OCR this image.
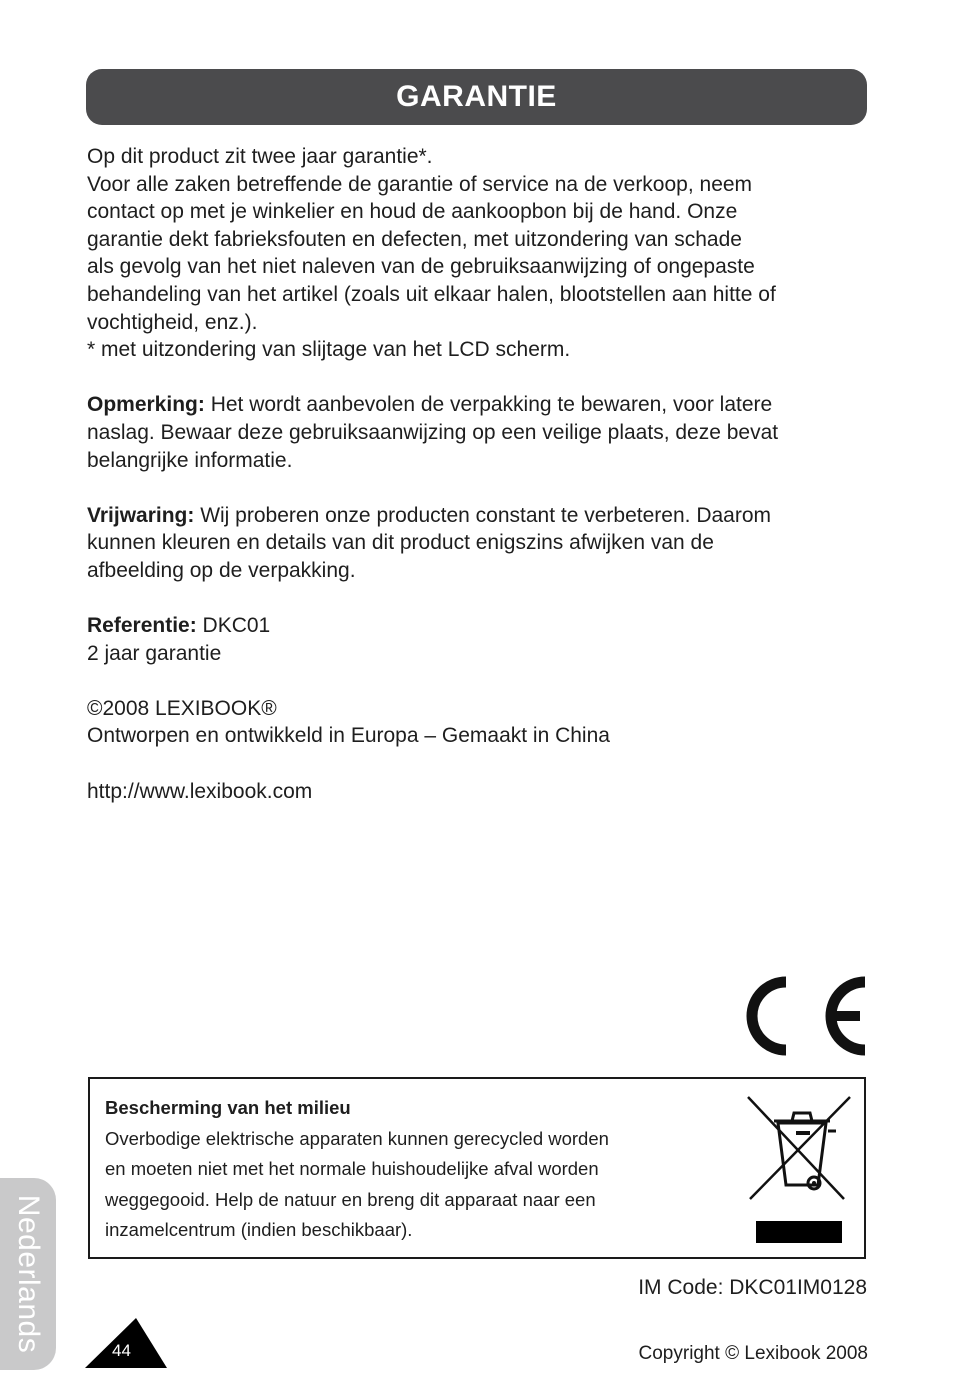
GARANTIE

Op dit product zit twee jaar garantie*.

Voor alle zaken betreffende de garantie of service na de verkoop, neem

contact op met je winkelier en houd de aankoopbon bij de hand. Onze

garantie dekt fabrieksfouten en defecten, met uitzondering van schade

als gevolg van het niet naleven van de gebruiksaanwijzing of ongepaste

behandeling van het artikel (zoals uit elkaar halen, blootstellen aan hitte of

vochtigheid, enz.).

* met uitzondering van slijtage van het LCD scherm.

Opmerking: Het wordt aanbevolen de verpakking te bewaren, voor latere

naslag. Bewaar deze gebruiksaanwijzing op een veilige plaats, deze bevat

belangrijke informatie.

Vrijwaring: Wij proberen onze producten constant te verbeteren. Daarom

kunnen kleuren en details van dit product enigszins afwijken van de

afbeelding op de verpakking.

Referentie: DKC01

2 jaar garantie

©2008 LEXIBOOK®

Ontworpen en ontwikkeld in Europa – Gemaakt in China

http://www.lexibook.com

Bescherming van het milieu
Overbodige elektrische apparaten kunnen gerecycled worden
en moeten niet met het normale huishoudelijke afval worden
weggegooid. Help de natuur en breng dit apparaat naar een
inzamelcentrum (indien beschikbaar).
IM Code: DKC01IM0128
Copyright © Lexibook 2008
Nederlands	44
